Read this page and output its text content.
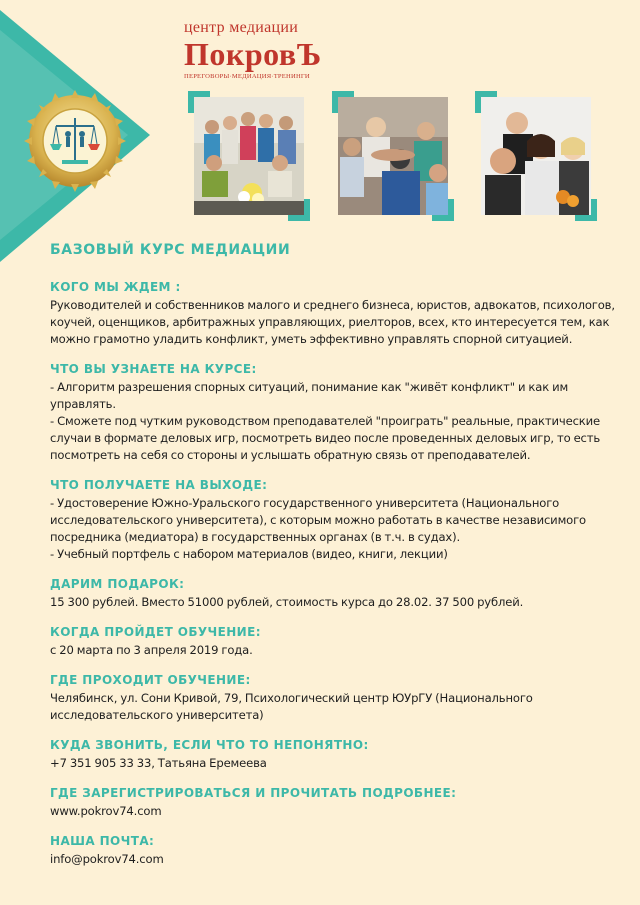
центр медиации
ПокровЪ
ПЕРЕГОВОРЫ·МЕДИАЦИЯ·ТРЕНИНГИ
БАЗОВЫЙ КУРС МЕДИАЦИИ
КОГО МЫ ЖДЕМ :

Руководителей и собственников малого и среднего бизнеса, юристов, адвокатов, психологов, коучей, оценщиков, арбитражных управляющих, риелторов, всех, кто интересуется тем, как можно грамотно уладить конфликт, уметь эффективно управлять спорной ситуацией.

ЧТО ВЫ УЗНАЕТЕ НА КУРСЕ:

- Алгоритм разрешения спорных ситуаций, понимание как "живёт конфликт" и как им управлять.

- Сможете под чутким руководством преподавателей "проиграть" реальные, практические случаи в формате деловых игр, посмотреть видео после проведенных деловых игр, то есть посмотреть на себя со стороны и услышать обратную связь от преподавателей.

ЧТО ПОЛУЧАЕТЕ НА ВЫХОДЕ:

- Удостоверение Южно-Уральского государственного университета (Национального исследовательского университета), с которым можно работать в качестве независимого посредника (медиатора) в государственных органах (в т.ч. в судах).

- Учебный портфель с набором материалов (видео, книги, лекции)

ДАРИМ ПОДАРОК:

15 300 рублей. Вместо 51000 рублей, стоимость курса до 28.02. 37 500 рублей.

КОГДА ПРОЙДЕТ ОБУЧЕНИЕ:

с 20 марта по 3 апреля 2019 года.

ГДЕ ПРОХОДИТ ОБУЧЕНИЕ:

Челябинск, ул. Сони Кривой, 79, Психологический центр ЮУрГУ (Национального исследовательского университета)

КУДА ЗВОНИТЬ, ЕСЛИ ЧТО ТО НЕПОНЯТНО:

+7 351 905 33 33, Татьяна Еремеева

ГДЕ ЗАРЕГИСТРИРОВАТЬСЯ И ПРОЧИТАТЬ ПОДРОБНЕЕ:

www.pokrov74.com

НАША ПОЧТА:

info@pokrov74.com
